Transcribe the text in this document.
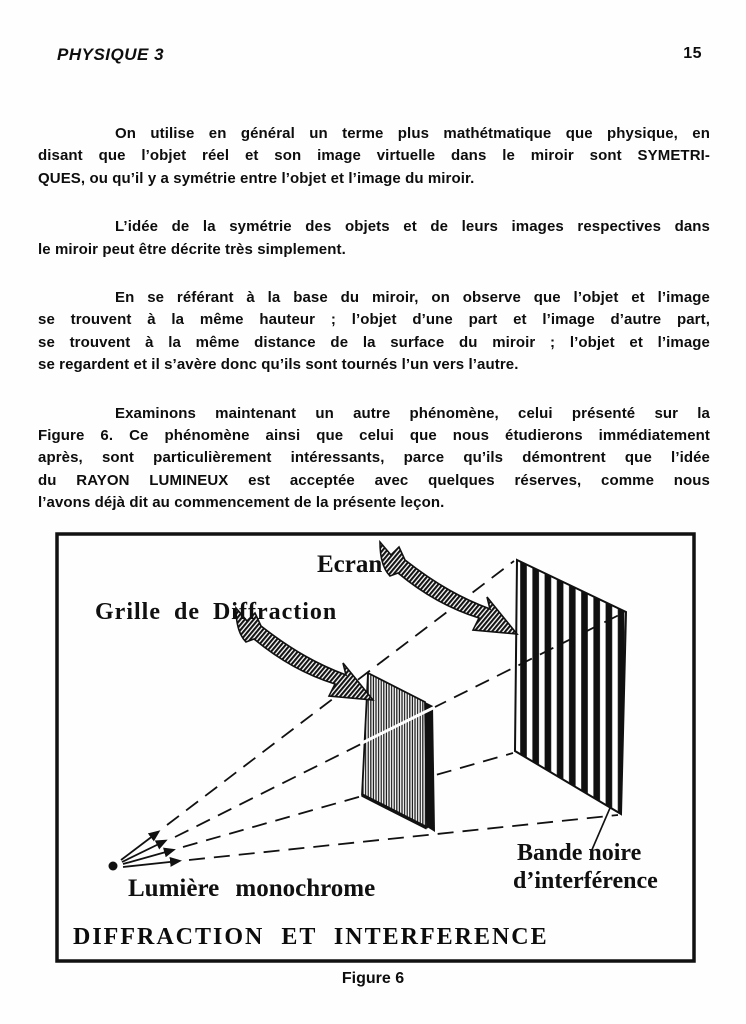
PHYSIQUE 3	15
On utilise en général un terme plus mathétmatique que physique, en
disant que l’objet réel et son image virtuelle dans le miroir sont SYMETRI-
QUES, ou qu’il y a symétrie entre l’objet et l’image du miroir.
L’idée de la symétrie des objets et de leurs images respectives dans
le miroir peut être décrite très simplement.
En se référant à la base du miroir, on observe que l’objet et l’image
se trouvent à la même hauteur ; l’objet d’une part et l’image d’autre part,
se trouvent à la même distance de la surface du miroir ; l’objet et l’image
se regardent et il s’avère donc qu’ils sont tournés l’un vers l’autre.
Examinons maintenant un autre phénomène, celui présenté sur la
Figure 6. Ce phénomène ainsi que celui que nous étudierons immédiatement
après, sont particulièrement intéressants, parce qu’ils démontrent que l’idée
du RAYON LUMINEUX est acceptée avec quelques réserves, comme nous
l’avons déjà dit au commencement de la présente leçon.
Ecran
Grille de Diffraction
Lumière monochrome
Bande noire
d’interférence
DIFFRACTION ET INTERFERENCE
Figure 6
